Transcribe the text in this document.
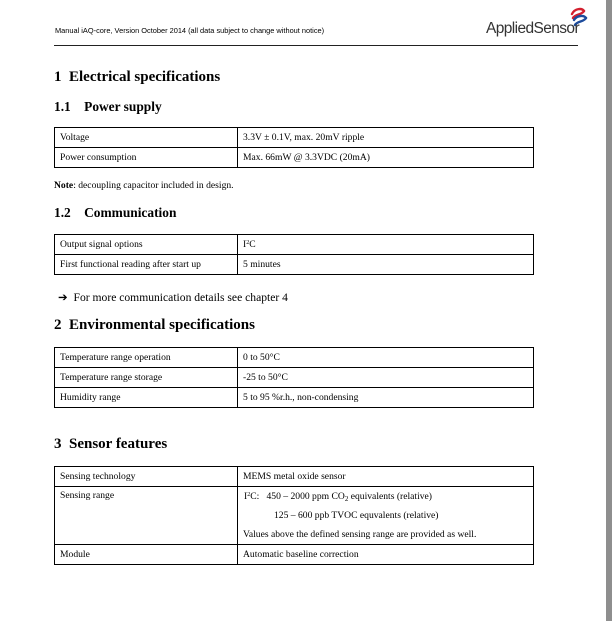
Manual iAQ-core, Version October 2014 (all data subject to change without notice)	AppliedSensor
1 Electrical specifications
1.1 Power supply
Voltage	3.3V ± 0.1V, max. 20mV ripple
Power consumption	Max. 66mW @ 3.3VDC (20mA)
Note: decoupling capacitor included in design.
1.2 Communication
Output signal options	$I^2C$
First functional reading after start up	5 minutes
➔ For more communication details see chapter 4
2 Environmental specifications
Temperature range operation	0 to 50°C
Temperature range storage	-25 to 50°C
Humidity range	5 to 95 %r.h., non-condensing
3 Sensor features
Sensing technology	MEMS metal oxide sensor
Sensing range	$I^2C$: 450 – 2000 ppm $CO_2$ equivalents (relative)
125 – 600 ppb TVOC equvalents (relative)
Values above the defined sensing range are provided as well.

Module	Automatic baseline correction
